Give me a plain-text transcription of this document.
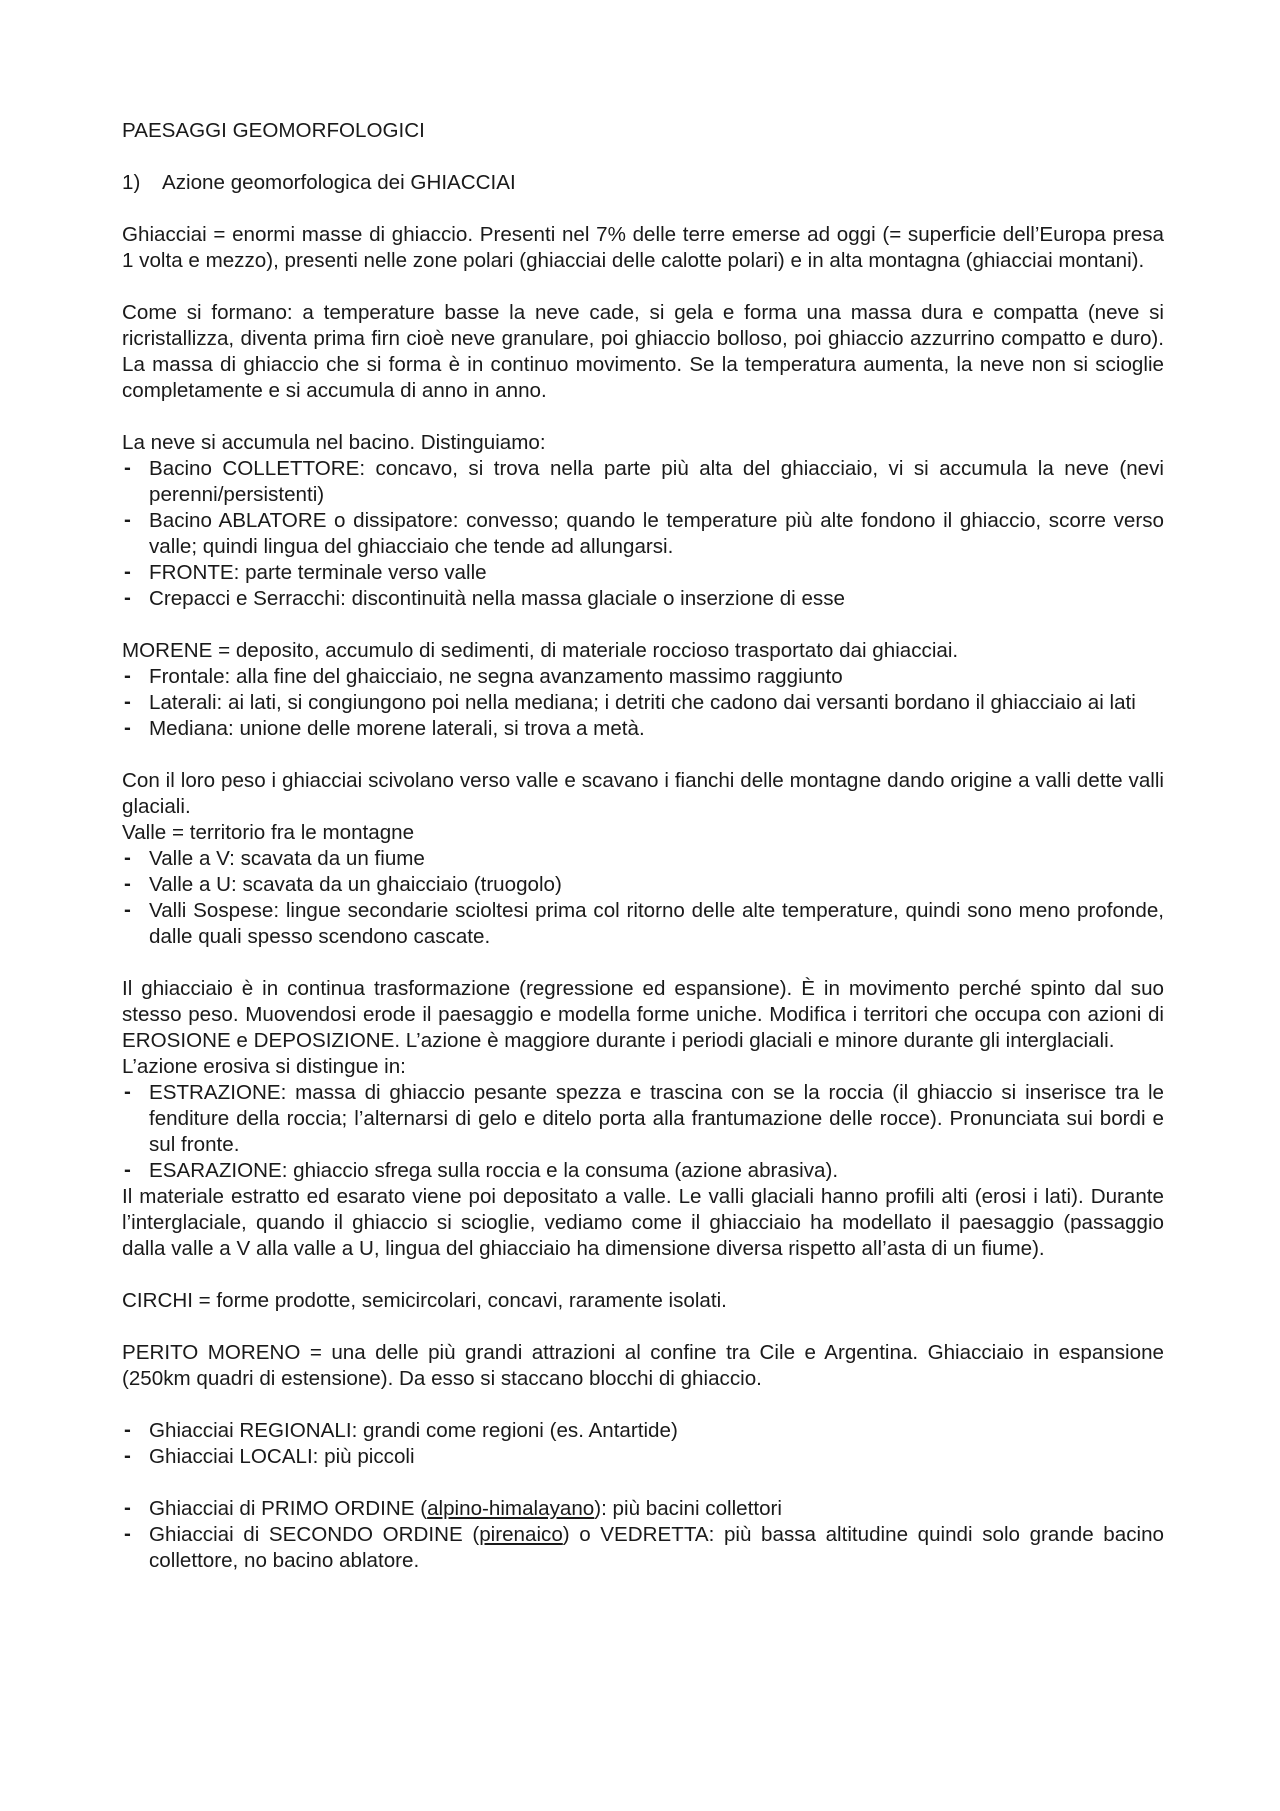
PAESAGGI GEOMORFOLOGICI

1)	Azione geomorfologica dei GHIACCIAI

Ghiacciai = enormi masse di ghiaccio. Presenti nel 7% delle terre emerse ad oggi (= superficie dell’Europa presa 1 volta e mezzo), presenti nelle zone polari (ghiacciai delle calotte polari) e in alta montagna (ghiacciai montani).

Come si formano: a temperature basse la neve cade, si gela e forma una massa dura e compatta (neve si ricristallizza, diventa prima firn cioè neve granulare, poi ghiaccio bolloso, poi ghiaccio azzurrino compatto e duro). La massa di ghiaccio che si forma è in continuo movimento. Se la temperatura aumenta, la neve non si scioglie completamente e si accumula di anno in anno.

La neve si accumula nel bacino. Distinguiamo:

- Bacino COLLETTORE: concavo, si trova nella parte più alta del ghiacciaio, vi si accumula la neve (nevi perenni/persistenti)
- Bacino ABLATORE o dissipatore: convesso; quando le temperature più alte fondono il ghiaccio, scorre verso valle; quindi lingua del ghiacciaio che tende ad allungarsi.
- FRONTE: parte terminale verso valle
- Crepacci e Serracchi: discontinuità nella massa glaciale o inserzione di esse

MORENE = deposito, accumulo di sedimenti, di materiale roccioso trasportato dai ghiacciai.

- Frontale: alla fine del ghaicciaio, ne segna avanzamento massimo raggiunto
- Laterali: ai lati, si congiungono poi nella mediana; i detriti che cadono dai versanti bordano il ghiacciaio ai lati
- Mediana: unione delle morene laterali, si trova a metà.

Con il loro peso i ghiacciai scivolano verso valle e scavano i fianchi delle montagne dando origine a valli dette valli glaciali.

Valle = territorio fra le montagne

- Valle a V: scavata da un fiume
- Valle a U: scavata da un ghaicciaio (truogolo)
- Valli Sospese: lingue secondarie scioltesi prima col ritorno delle alte temperature, quindi sono meno profonde, dalle quali spesso scendono cascate.

Il ghiacciaio è in continua trasformazione (regressione ed espansione). È in movimento perché spinto dal suo stesso peso. Muovendosi erode il paesaggio e modella forme uniche. Modifica i territori che occupa con azioni di EROSIONE e DEPOSIZIONE. L’azione è maggiore durante i periodi glaciali e minore durante gli interglaciali.

L’azione erosiva si distingue in:

- ESTRAZIONE: massa di ghiaccio pesante spezza e trascina con se la roccia (il ghiaccio si inserisce tra le fenditure della roccia; l’alternarsi di gelo e ditelo porta alla frantumazione delle rocce). Pronunciata sui bordi e sul fronte.
- ESARAZIONE: ghiaccio sfrega sulla roccia e la consuma (azione abrasiva).

Il materiale estratto ed esarato viene poi depositato a valle. Le valli glaciali hanno profili alti (erosi i lati). Durante l’interglaciale, quando il ghiaccio si scioglie, vediamo come il ghiacciaio ha modellato il paesaggio (passaggio dalla valle a V alla valle a U, lingua del ghiacciaio ha dimensione diversa rispetto all’asta di un fiume).

CIRCHI = forme prodotte, semicircolari, concavi, raramente isolati.

PERITO MORENO = una delle più grandi attrazioni al confine tra Cile e Argentina. Ghiacciaio in espansione (250km quadri di estensione). Da esso si staccano blocchi di ghiaccio.

- Ghiacciai REGIONALI: grandi come regioni (es. Antartide)
- Ghiacciai LOCALI: più piccoli
- Ghiacciai di PRIMO ORDINE (alpino-himalayano): più bacini collettori
- Ghiacciai di SECONDO ORDINE (pirenaico) o VEDRETTA: più bassa altitudine quindi solo grande bacino collettore, no bacino ablatore.
